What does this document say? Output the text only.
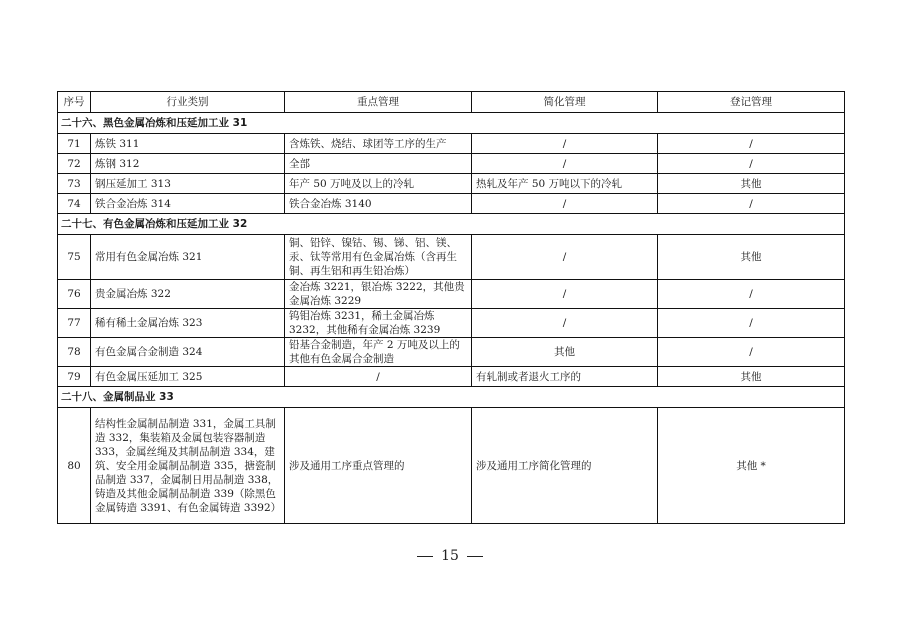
序号	行业类别	重点管理	简化管理	登记管理
二十六、黑色金属冶炼和压延加工业 31				
71	炼铁 311	含炼铁、烧结、球团等工序的生产	/	/
72	炼钢 312	全部	/	/
73	钢压延加工 313	年产 50 万吨及以上的冷轧	热轧及年产 50 万吨以下的冷轧	其他
74	铁合金冶炼 314	铁合金冶炼 3140	/	/
二十七、有色金属冶炼和压延加工业 32				
75	常用有色金属冶炼 321	铜、铅锌、镍钴、锡、锑、铝、镁、汞、钛等常用有色金属冶炼（含再生铜、再生铝和再生铅冶炼）	/	其他
76	贵金属冶炼 322	金冶炼 3221，银冶炼 3222，其他贵金属冶炼 3229	/	/
77	稀有稀土金属冶炼 323	钨钼冶炼 3231，稀土金属冶炼 3232，其他稀有金属冶炼 3239	/	/
78	有色金属合金制造 324	铅基合金制造，年产 2 万吨及以上的其他有色金属合金制造	其他	/
79	有色金属压延加工 325	/	有轧制或者退火工序的	其他
二十八、金属制品业 33				
80	结构性金属制品制造 331，金属工具制造 332，集装箱及金属包装容器制造 333，金属丝绳及其制品制造 334，建筑、安全用金属制品制造 335，搪瓷制品制造 337，金属制日用品制造 338，铸造及其他金属制品制造 339（除黑色金属铸造 3391、有色金属铸造 3392）	涉及通用工序重点管理的	涉及通用工序简化管理的	其他 *
15
